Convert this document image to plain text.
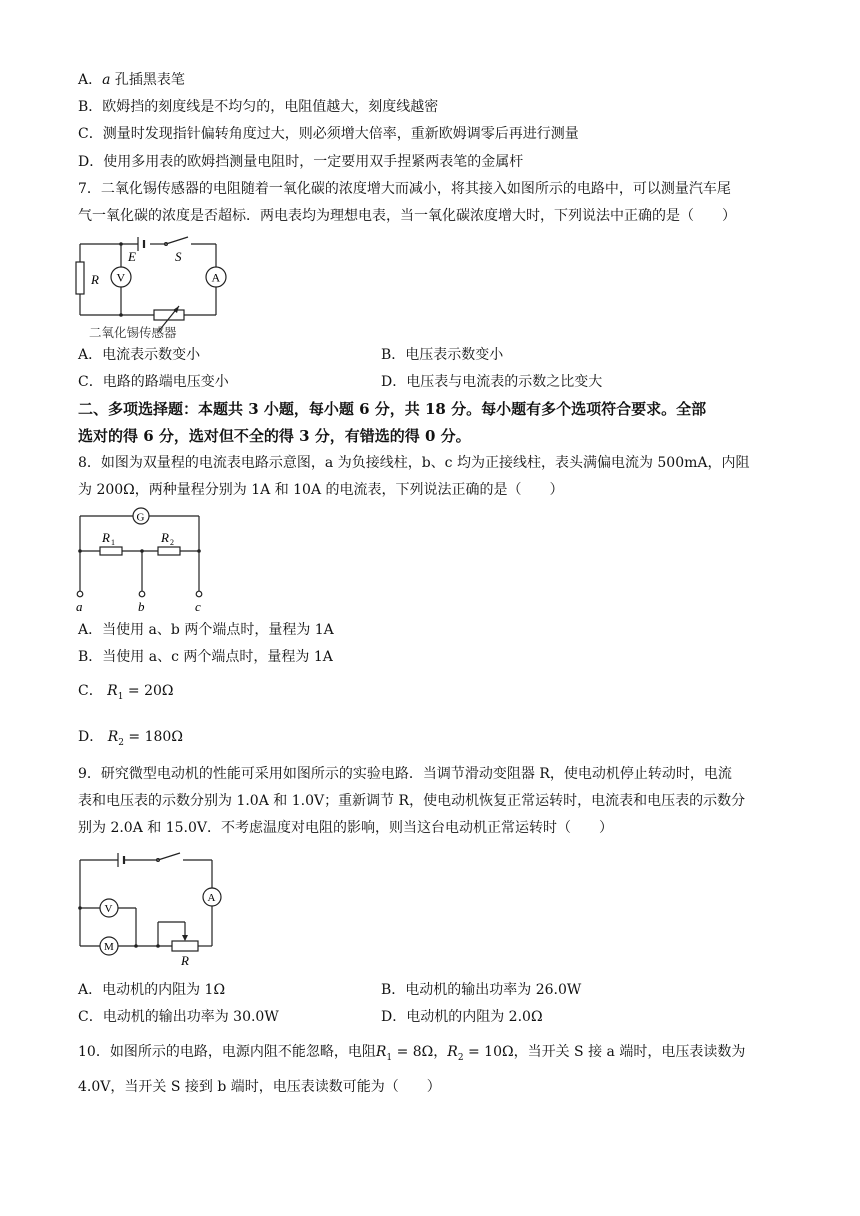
A．a 孔插黑表笔
B．欧姆挡的刻度线是不均匀的，电阻值越大，刻度线越密
C．测量时发现指针偏转角度过大，则必须增大倍率，重新欧姆调零后再进行测量
D．使用多用表的欧姆挡测量电阻时，一定要用双手捏紧两表笔的金属杆
7．二氧化锡传感器的电阻随着一氧化碳的浓度增大而减小，将其接入如图所示的电路中，可以测量汽车尾
气一氧化碳的浓度是否超标．两电表均为理想电表，当一氧化碳浓度增大时，下列说法中正确的是（　　）
E	S
R V	A
二氧化锡传感器
A．电流表示数变小	B．电压表示数变小
C．电路的路端电压变小	D．电压表与电流表的示数之比变大
二、多项选择题：本题共 3 小题，每小题 6 分，共 18 分。每小题有多个选项符合要求。全部
选对的得 6 分，选对但不全的得 3 分，有错选的得 0 分。
8．如图为双量程的电流表电路示意图，a 为负接线柱，b、c 均为正接线柱，表头满偏电流为 500mA，内阻
为 200Ω，两种量程分别为 1A 和 10A 的电流表，下列说法正确的是（　　）
G
R 1	R 2
a	b	c
A．当使用 a、b 两个端点时，量程为 1A
B．当使用 a、c 两个端点时，量程为 1A
C． $R_1 = 20\Omega$
D． $R_2 = 180\Omega$
9．研究微型电动机的性能可采用如图所示的实验电路．当调节滑动变阻器 R，使电动机停止转动时，电流
表和电压表的示数分别为 1.0A 和 1.0V；重新调节 R，使电动机恢复正常运转时，电流表和电压表的示数分
别为 2.0A 和 15.0V．不考虑温度对电阻的影响，则当这台电动机正常运转时（　　）
V
A
M
R
A．电动机的内阻为 1Ω	B．电动机的输出功率为 26.0W
C．电动机的输出功率为 30.0W	D．电动机的内阻为 2.0Ω
10．如图所示的电路，电源内阻不能忽略，电阻$R_1 = 8\Omega$，$R_2 = 10\Omega$，当开关 S 接 a 端时，电压表读数为
4.0V，当开关 S 接到 b 端时，电压表读数可能为（　　）
